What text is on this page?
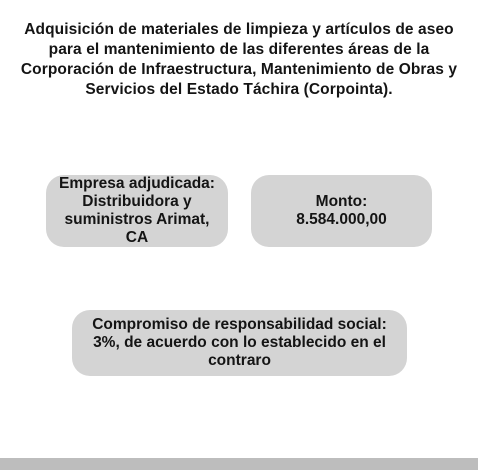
Adquisición de materiales de limpieza y artículos de aseo para el mantenimiento de las diferentes áreas de la Corporación de Infraestructura, Mantenimiento de Obras y Servicios del Estado Táchira (Corpointa).
Empresa adjudicada:
Distribuidora y suministros Arimat, CA
Monto:
8.584.000,00
Compromiso de responsabilidad social: 3%, de acuerdo con lo establecido en el contraro
